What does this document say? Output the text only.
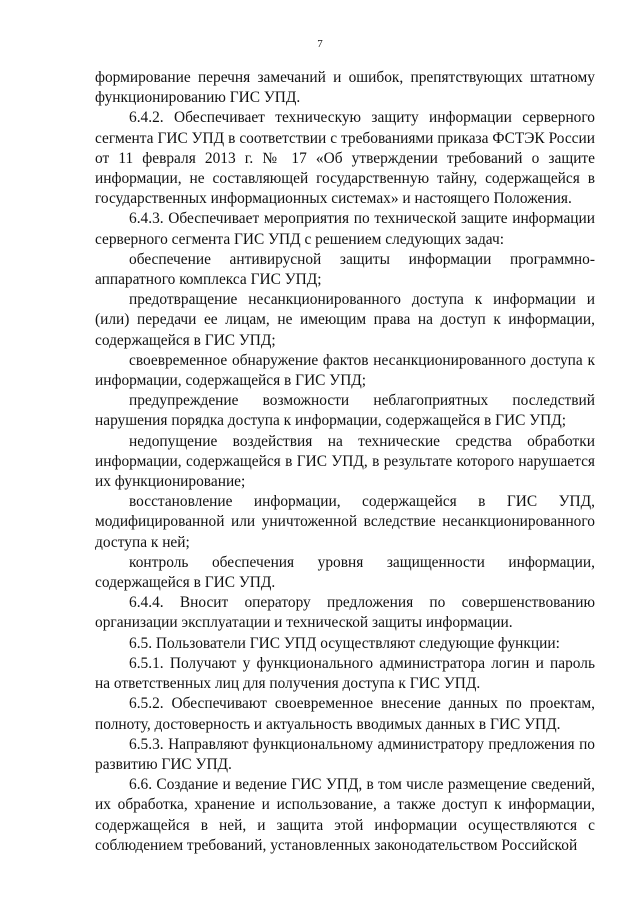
7

формирование перечня замечаний и ошибок, препятствующих штатному функционированию ГИС УПД.

6.4.2. Обеспечивает техническую защиту информации серверного сегмента ГИС УПД в соответствии с требованиями приказа ФСТЭК России от 11 февраля 2013 г. № 17 «Об утверждении требований о защите информации, не составляющей государственную тайну, содержащейся в государственных информационных системах» и настоящего Положения.

6.4.3. Обеспечивает мероприятия по технической защите информации серверного сегмента ГИС УПД с решением следующих задач:

обеспечение антивирусной защиты информации программно-аппаратного комплекса ГИС УПД;

предотвращение несанкционированного доступа к информации и (или) передачи ее лицам, не имеющим права на доступ к информации, содержащейся в ГИС УПД;

своевременное обнаружение фактов несанкционированного доступа к информации, содержащейся в ГИС УПД;

предупреждение возможности неблагоприятных последствий нарушения порядка доступа к информации, содержащейся в ГИС УПД;

недопущение воздействия на технические средства обработки информации, содержащейся в ГИС УПД, в результате которого нарушается их функционирование;

восстановление информации, содержащейся в ГИС УПД, модифицированной или уничтоженной вследствие несанкционированного доступа к ней;

контроль обеспечения уровня защищенности информации, содержащейся в ГИС УПД.

6.4.4. Вносит оператору предложения по совершенствованию организации эксплуатации и технической защиты информации.

6.5. Пользователи ГИС УПД осуществляют следующие функции:

6.5.1. Получают у функционального администратора логин и пароль на ответственных лиц для получения доступа к ГИС УПД.

6.5.2. Обеспечивают своевременное внесение данных по проектам, полноту, достоверность и актуальность вводимых данных в ГИС УПД.

6.5.3. Направляют функциональному администратору предложения по развитию ГИС УПД.

6.6. Создание и ведение ГИС УПД, в том числе размещение сведений, их обработка, хранение и использование, а также доступ к информации, содержащейся в ней, и защита этой информации осуществляются с соблюдением требований, установленных законодательством Российской
